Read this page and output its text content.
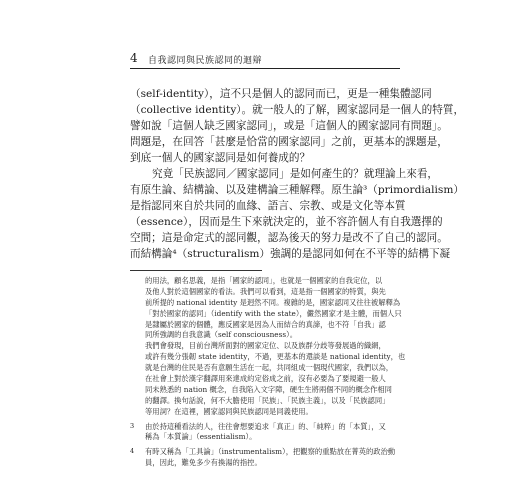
4 自我認同與民族認同的迴辯
（self-identity），這不只是個人的認同而已，更是一種集體認同
（collective identity）。就一般人的了解，國家認同是一個人的特質，
譬如說「這個人缺乏國家認同」，或是「這個人的國家認同有問題」。
問題是，在回答「甚麼是恰當的國家認同」之前，更基本的課題是，
到底一個人的國家認同是如何養成的？
究竟「民族認同／國家認同」是如何產生的？就理論上來看，
有原生論、結構論、以及建構論三種解釋。原生論³（primordialism）
是指認同來自於共同的血緣、語言、宗教、或是文化等本質
（essence），因而是生下來就決定的，並不容許個人有自我選擇的
空間；這是命定式的認同觀，認為後天的努力是改不了自己的認同。
而結構論⁴（structuralism）強調的是認同如何在不平等的結構下凝
的用法，顧名思義，是指「國家的認同」，也就是一個國家的自我定位，以
及他人對於這個國家的看法。我們可以看到，這是指一個國家的特質，與先
前所提的 national identity 是迥然不同。複雜的是，國家認同又往往被解釋為
「對於國家的認同」（identify with the state），儼然國家才是主體，而個人只
是隸屬於國家的個體，應反國家是因為人而結合的真諦，也不符「自我」認
同所強調的自我意識（self consciousness）。
我們會發現，目前台灣所面對的國家定位、以及族群分歧等發展過的織網，
或許有幾分張韌 state identity，不過，更基本的還談是 national identity，也
就是台灣的住民是否有意願生活在一起，共同組成一個現代國家，我們以為，
在社會上對於漢字翻譯用來達成約定俗成之前，沒有必要為了要規避一般人
同未熟悉的 nation 概念，自我陷入文字障，硬生生將兩個不同的概念作相同
的翻譯。換句話說，何不大膽使用「民族」、「民族主義」，以及「民族認同」
等用詞？在這裡，國家認同與民族認同是同義使用。
3	由於持這種看法的人，往往會想要追求「真正」的、「純粹」的「本質」，又
稱為「本質論」（essentialism）。
4	有時又稱為「工具論」（instrumentalism），把觀察的重點放在菁英的政治動
員，因此，難免多少有換湯的指控。
